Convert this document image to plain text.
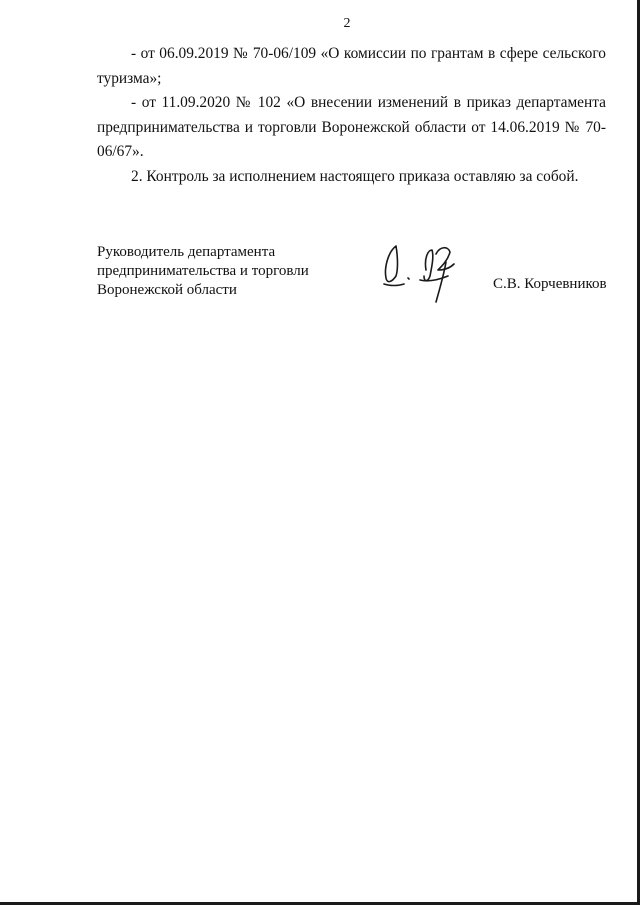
2

- от 06.09.2019 № 70-06/109 «О комиссии по грантам в сфере сельского туризма»;

- от 11.09.2020 № 102 «О внесении изменений в приказ департамента предпринимательства и торговли Воронежской области от 14.06.2019 № 70-06/67».

2. Контроль за исполнением настоящего приказа оставляю за собой.

Руководитель департамента
предпринимательства и торговли
Воронежской области	С.В. Корчевников
